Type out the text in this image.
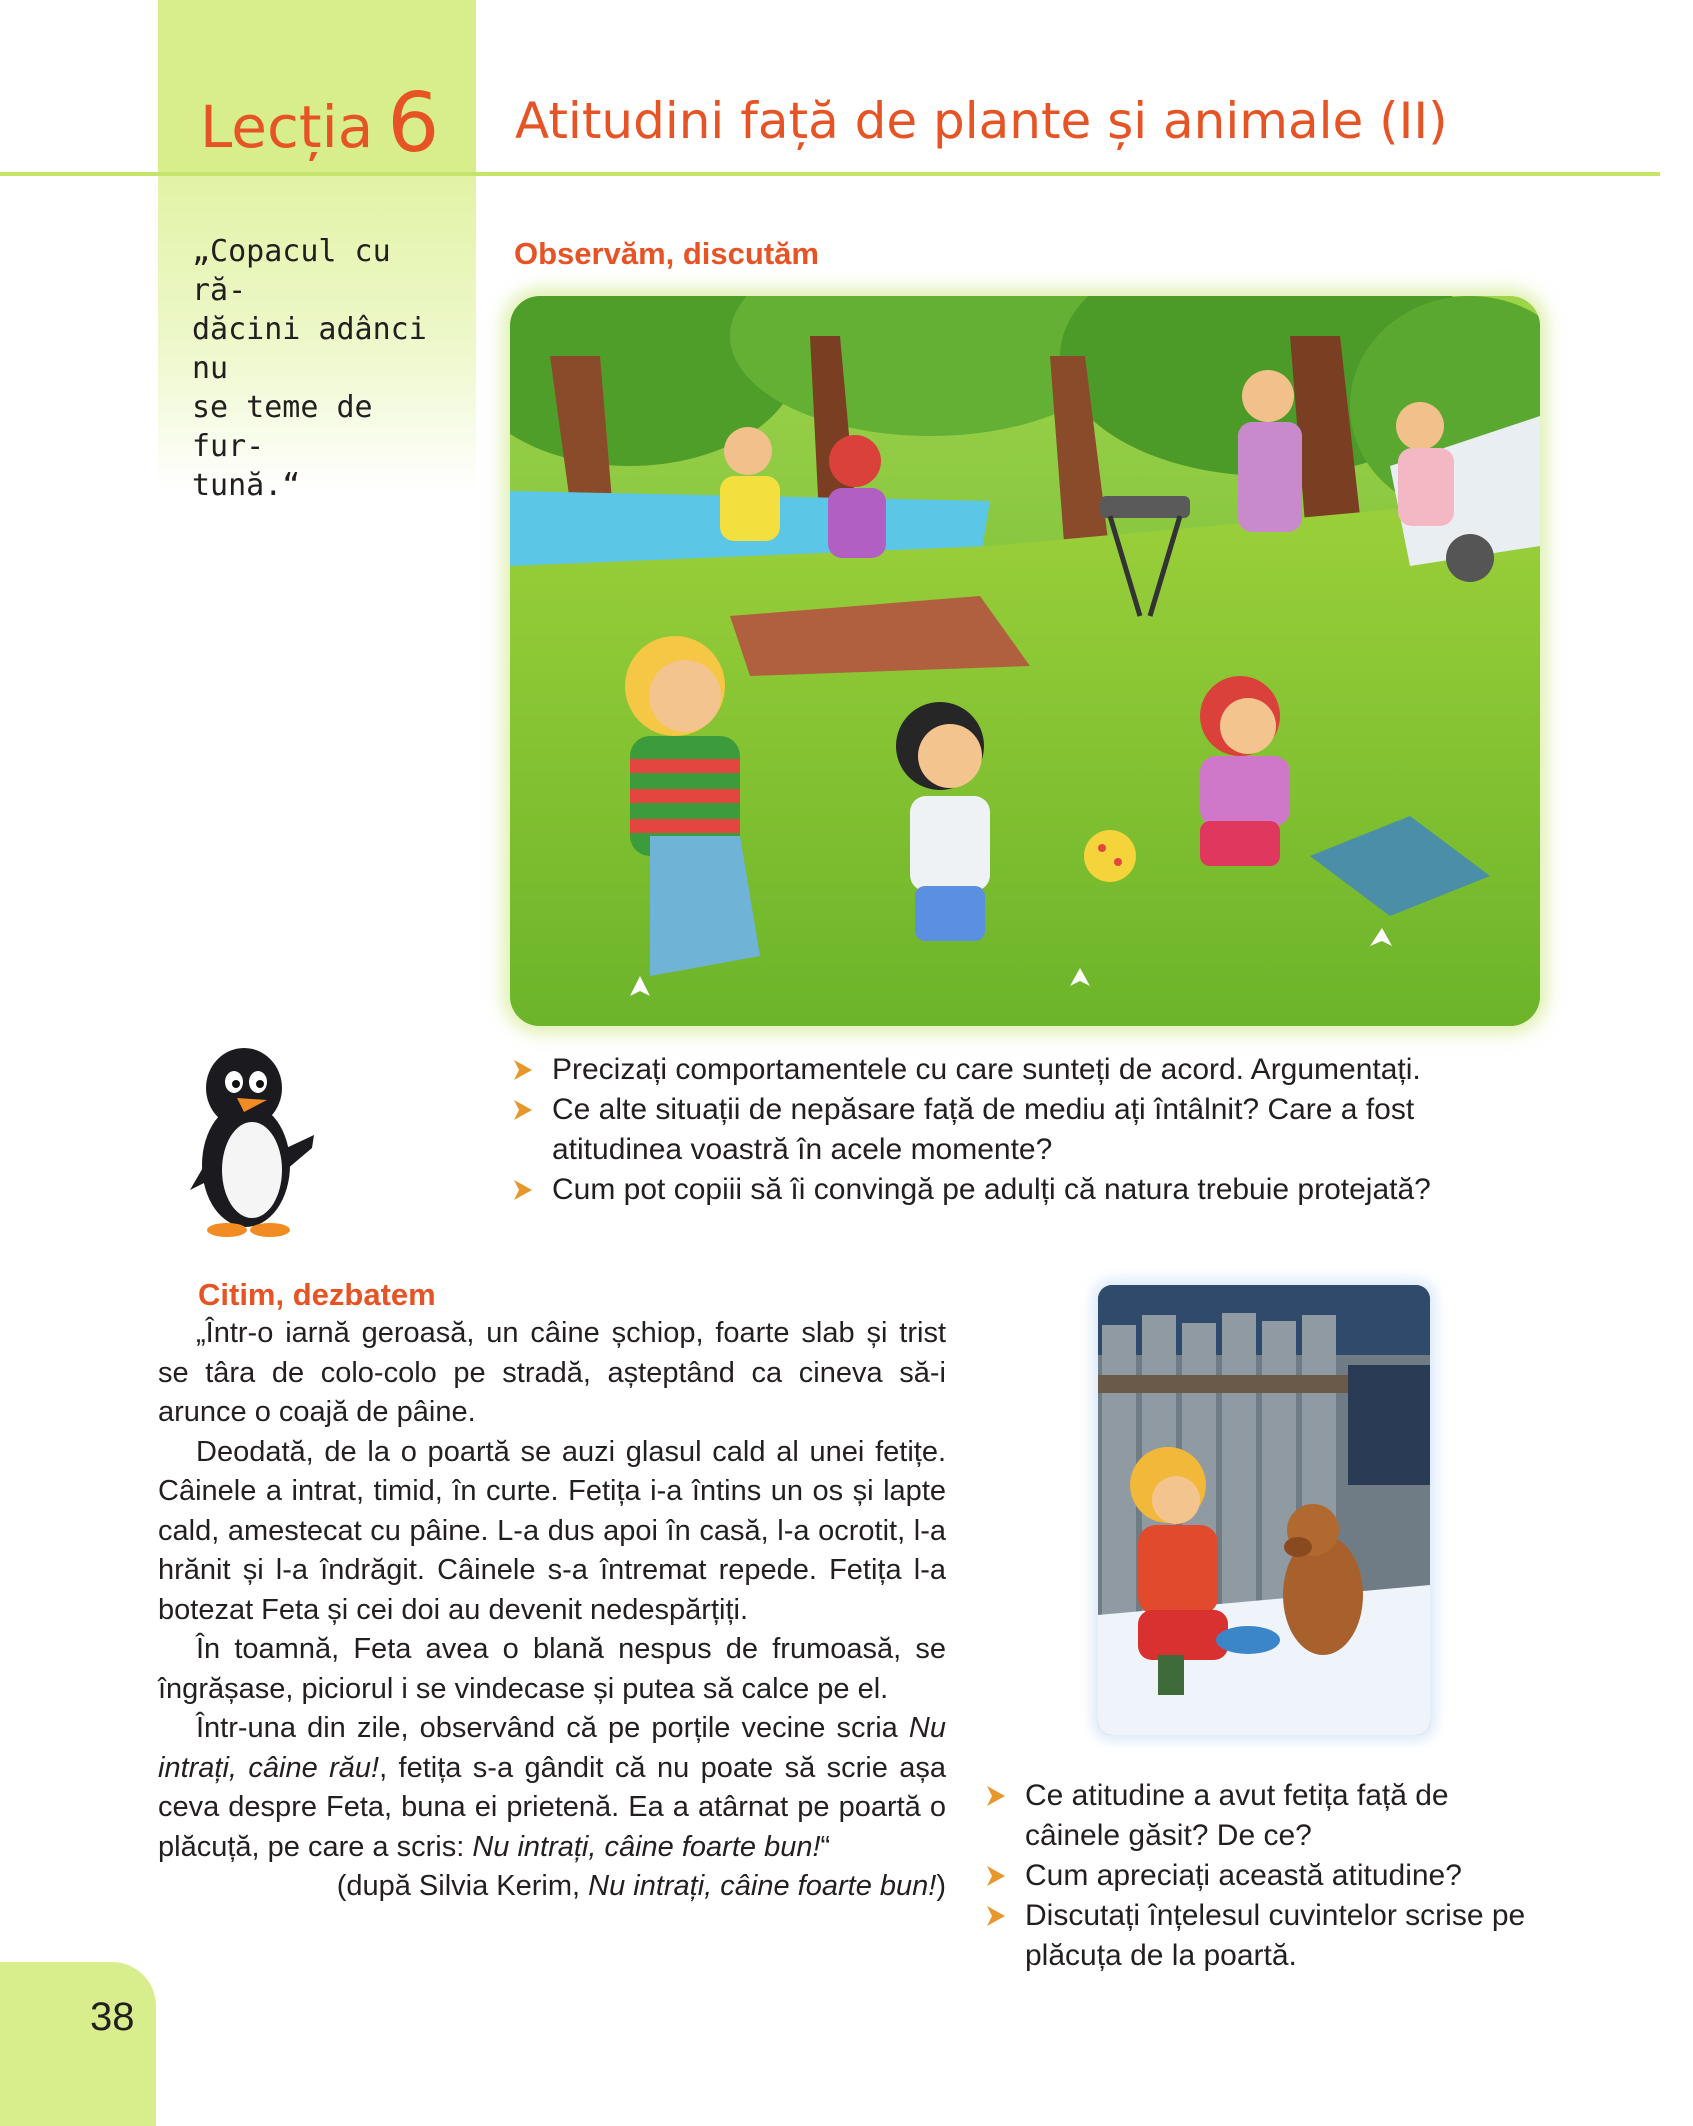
Lecția 6 Atitudini față de plante și animale (II)

„Copacul cu ră-
dăcini adânci nu
se teme de fur-
tună.“

Observăm, discutăm
Precizați comportamentele cu care sunteți de acord. Argumentați.
Ce alte situații de nepăsare față de mediu ați întâlnit? Care a fost atitudinea voastră în acele momente?
Cum pot copiii să îi convingă pe adulți că natura trebuie protejată?
Citim, dezbatem

„Într-o iarnă geroasă, un câine șchiop, foarte slab și trist se târa de colo-colo pe stradă, așteptând ca cineva să-i arunce o coajă de pâine.

Deodată, de la o poartă se auzi glasul cald al unei fetițe. Câinele a intrat, timid, în curte. Fetița i-a întins un os și lapte cald, amestecat cu pâine. L-a dus apoi în casă, l-a ocrotit, l-a hrănit și l-a îndrăgit. Câinele s-a întremat repede. Fetița l-a botezat Feta și cei doi au devenit nedespărțiți.

În toamnă, Feta avea o blană nespus de frumoasă, se îngrășase, piciorul i se vindecase și putea să calce pe el.

Într-una din zile, observând că pe porțile vecine scria Nu intrați, câine rău!, fetița s-a gândit că nu poate să scrie așa ceva despre Feta, buna ei prietenă. Ea a atârnat pe poartă o plăcuță, pe care a scris: Nu intrați, câine foarte bun!“

(după Silvia Kerim, Nu intrați, câine foarte bun!)

Ce atitudine a avut fetița față de câinele găsit? De ce?
Cum apreciați această atitudine?
Discutați înțelesul cuvintelor scrise pe plăcuța de la poartă.
38
